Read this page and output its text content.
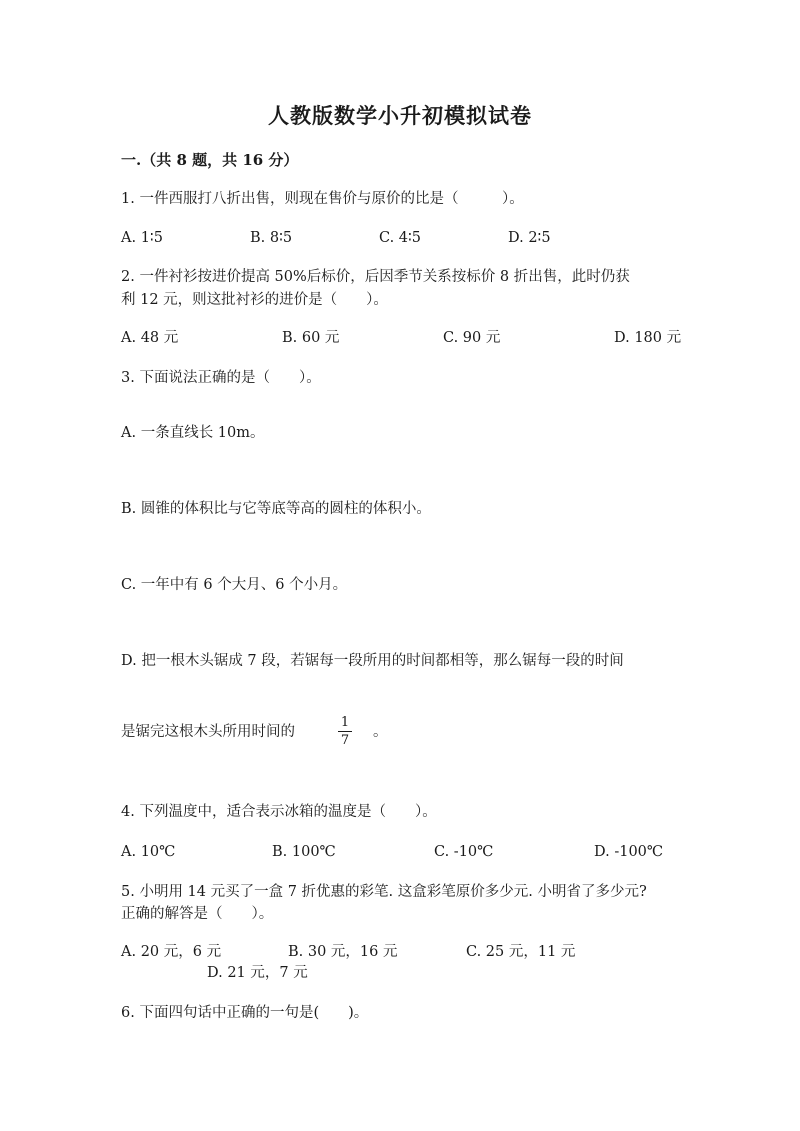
人教版数学小升初模拟试卷
一.（共 8 题，共 16 分）
1. 一件西服打八折出售，则现在售价与原价的比是（　　　）。
A. 1∶5	B. 8∶5	C. 4∶5	D. 2∶5
2. 一件衬衫按进价提高 50%后标价，后因季节关系按标价 8 折出售，此时仍获
利 12 元，则这批衬衫的进价是（　　）。
A. 48 元	B. 60 元	C. 90 元	D. 180 元
3. 下面说法正确的是（　　）。
A. 一条直线长 10m。
B. 圆锥的体积比与它等底等高的圆柱的体积小。
C. 一年中有 6 个大月、6 个小月。
D. 把一根木头锯成 7 段，若锯每一段所用的时间都相等，那么锯每一段的时间
是锯完这根木头所用时间的
1
7
。
4. 下列温度中，适合表示冰箱的温度是（　　）。
A. 10℃	B. 100℃	C. -10℃	D. -100℃
5. 小明用 14 元买了一盒 7 折优惠的彩笔. 这盒彩笔原价多少元. 小明省了多少元?
正确的解答是（　　）。
A. 20 元，6 元	B. 30 元，16 元	C. 25 元，11 元
D. 21 元，7 元
6. 下面四句话中正确的一句是(　　)。
